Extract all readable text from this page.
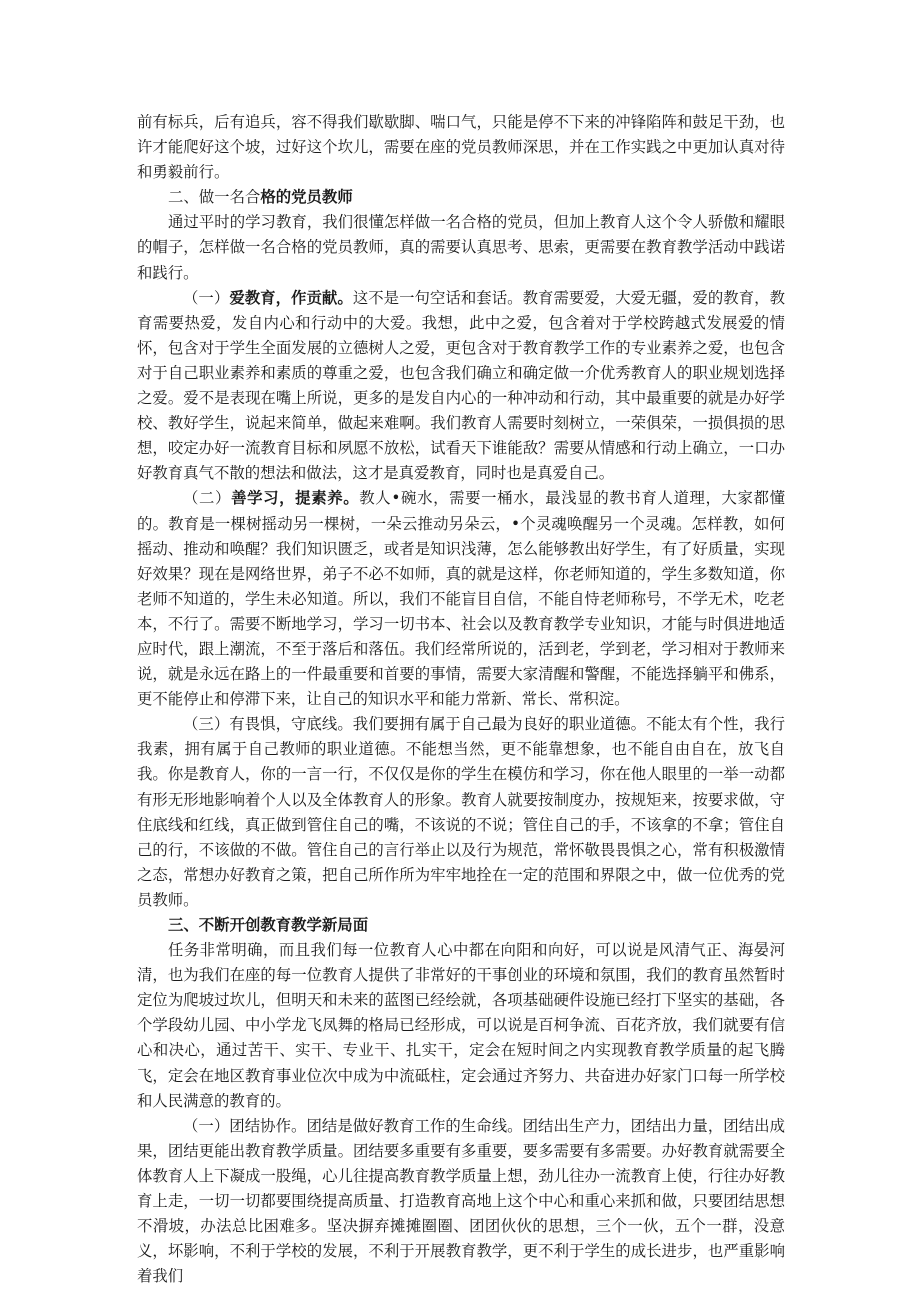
前有标兵，后有追兵，容不得我们歇歇脚、喘口气，只能是停不下来的冲锋陷阵和鼓足干劲，也许才能爬好这个坡，过好这个坎儿，需要在座的党员教师深思，并在工作实践之中更加认真对待和勇毅前行。

二、做一名合格的党员教师

通过平时的学习教育，我们很懂怎样做一名合格的党员，但加上教育人这个令人骄傲和耀眼的帽子，怎样做一名合格的党员教师，真的需要认真思考、思索，更需要在教育教学活动中践诺和践行。

（一）爱教育，作贡献。这不是一句空话和套话。教育需要爱，大爱无疆，爱的教育，教育需要热爱，发自内心和行动中的大爱。我想，此中之爱，包含着对于学校跨越式发展爱的情怀，包含对于学生全面发展的立德树人之爱，更包含对于教育教学工作的专业素养之爱，也包含对于自己职业素养和素质的尊重之爱，也包含我们确立和确定做一介优秀教育人的职业规划选择之爱。爱不是表现在嘴上所说，更多的是发自内心的一种冲动和行动，其中最重要的就是办好学校、教好学生，说起来简单，做起来难啊。我们教育人需要时刻树立，一荣俱荣，一损俱损的思想，咬定办好一流教育目标和夙愿不放松，试看天下谁能敌？需要从情感和行动上确立，一口办好教育真气不散的想法和做法，这才是真爱教育，同时也是真爱自己。

（二）善学习，提素养。教人•碗水，需要一桶水，最浅显的教书育人道理，大家都懂的。教育是一棵树摇动另一棵树，一朵云推动另朵云，•个灵魂唤醒另一个灵魂。怎样教，如何摇动、推动和唤醒？我们知识匮乏，或者是知识浅薄，怎么能够教出好学生，有了好质量，实现好效果？现在是网络世界，弟子不必不如师，真的就是这样，你老师知道的，学生多数知道，你老师不知道的，学生未必知道。所以，我们不能盲目自信，不能自恃老师称号，不学无术，吃老本，不行了。需要不断地学习，学习一切书本、社会以及教育教学专业知识，才能与时俱进地适应时代，跟上潮流，不至于落后和落伍。我们经常所说的，活到老，学到老，学习相对于教师来说，就是永远在路上的一件最重要和首要的事情，需要大家清醒和警醒，不能选择躺平和佛系，更不能停止和停滞下来，让自己的知识水平和能力常新、常长、常积淀。

（三）有畏惧，守底线。我们要拥有属于自己最为良好的职业道德。不能太有个性，我行我素，拥有属于自己教师的职业道德。不能想当然，更不能靠想象，也不能自由自在，放飞自我。你是教育人，你的一言一行，不仅仅是你的学生在模仿和学习，你在他人眼里的一举一动都有形无形地影响着个人以及全体教育人的形象。教育人就要按制度办，按规矩来，按要求做，守住底线和红线，真正做到管住自己的嘴，不该说的不说；管住自己的手，不该拿的不拿；管住自己的行，不该做的不做。管住自己的言行举止以及行为规范，常怀敬畏畏惧之心，常有积极激情之态，常想办好教育之策，把自己所作所为牢牢地拴在一定的范围和界限之中，做一位优秀的党员教师。

三、不断开创教育教学新局面

任务非常明确，而且我们每一位教育人心中都在向阳和向好，可以说是风清气正、海晏河清，也为我们在座的每一位教育人提供了非常好的干事创业的环境和氛围，我们的教育虽然暂时定位为爬坡过坎儿，但明天和未来的蓝图已经绘就，各项基础硬件设施已经打下坚实的基础，各个学段幼儿园、中小学龙飞凤舞的格局已经形成，可以说是百柯争流、百花齐放，我们就要有信心和决心，通过苦干、实干、专业干、扎实干，定会在短时间之内实现教育教学质量的起飞腾飞，定会在地区教育事业位次中成为中流砥柱，定会通过齐努力、共奋进办好家门口每一所学校和人民满意的教育的。

（一）团结协作。团结是做好教育工作的生命线。团结出生产力，团结出力量，团结出成果，团结更能出教育教学质量。团结要多重要有多重要，要多需要有多需要。办好教育就需要全体教育人上下凝成一股绳，心儿往提高教育教学质量上想，劲儿往办一流教育上使，行往办好教育上走，一切一切都要围绕提高质量、打造教育高地上这个中心和重心来抓和做，只要团结思想不滑坡，办法总比困难多。坚决摒弃摊摊圈圈、团团伙伙的思想，三个一伙，五个一群，没意义，坏影响，不利于学校的发展，不利于开展教育教学，更不利于学生的成长进步，也严重影响着我们
